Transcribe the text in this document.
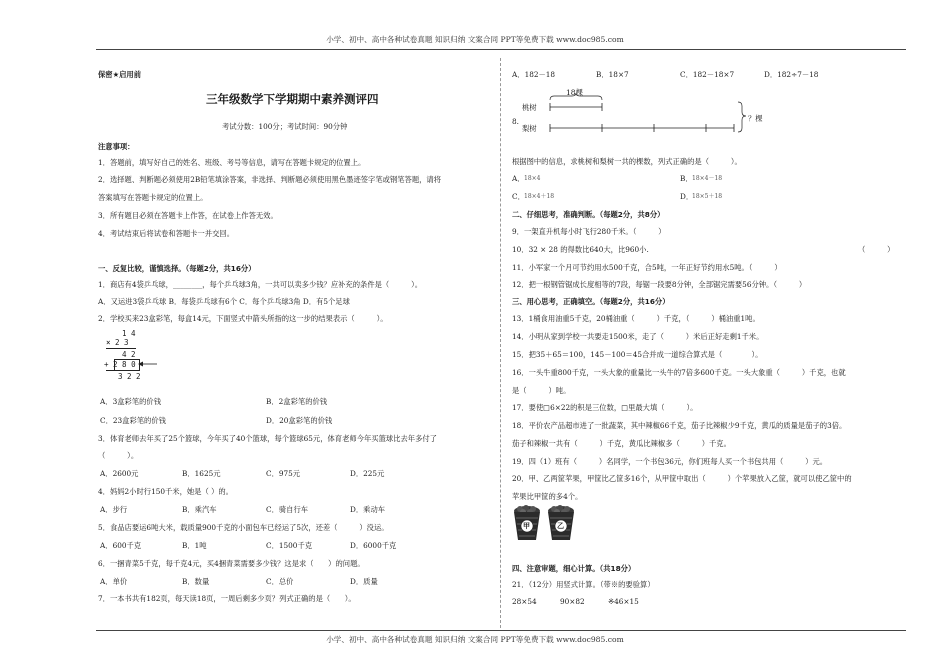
小学、初中、高中各种试卷真题 知识归纳 文案合同 PPT等免费下载 www.doc985.com
保密★启用前
三年级数学下学期期中素养测评四
考试分数：100分；考试时间：90分钟
注意事项：
1．答题前，填写好自己的姓名、班级、考号等信息，请写在答题卡规定的位置上。
2．选择题、判断题必须使用2B铅笔填涂答案，非选择、判断题必须使用黑色墨迹签字笔或钢笔答题，请将
答案填写在答题卡规定的位置上。
3．所有题目必须在答题卡上作答，在试卷上作答无效。
4．考试结束后将试卷和答题卡一并交回。
一、反复比较，谨慎选择。（每题2分，共16分）
1．商店有4袋乒乓球，________，每个乒乓球3角，一共可以卖多少钱？应补充的条件是（　　　）。
A．又运进3袋乒乓球 B．每袋乒乓球有6个 C．每个乒乓球3角 D．有5个足球
2．学校买来23盒彩笔，每盒14元，下面竖式中箭头所指的这一步的结果表示（　　　）。
1 4
× 2 3
4 2
+ 2 8 0
3 2 2
A．3盒彩笔的价钱	B．2盒彩笔的价钱
C．23盒彩笔的价钱	D．20盒彩笔的价钱
3．体育老师去年买了25个篮球，今年买了40个篮球，每个篮球65元，体育老师今年买篮球比去年多付了
（　　　）。
A．2600元	B．1625元	C．975元	D．225元
4．妈妈2小时行150千米，她是（ ）的。
A．步行	B．乘汽车	C．骑自行车	D．乘动车
5．食品店要运6吨大米，载质量900千克的小面包车已经运了5次，还差（　　　）没运。
A．600千克	B．1吨	C．1500千克	D．6000千克
6．一捆青菜5千克，每千克4元，买4捆青菜需要多少钱？这是求（　　）的问题。
A．单价	B．数量	C．总价	D．质量
7．一本书共有182页，每天读18页，一周后剩多少页？列式正确的是（　　）。
A．182－18	B．18×7	C．182－18×7	D．182÷7－18
8.
18棵
桃树
梨树
？棵
根据图中的信息，求桃树和梨树一共的棵数，列式正确的是（　　　）。
A． 18×4	B． 18×4－18
C． 18×4＋18	D．
18×5＋18
二、仔细思考，准确判断。（每题2分，共8分）
9．一架直升机每小时飞行280千米。（　　　）
10．32 × 28 的得数比640大，比960小.	（　　　）
11．小军家一个月可节约用水500千克，合5吨，一年正好节约用水5吨。（　　　）
12．把一根钢管锯成长度相等的7段，每锯一段要8分钟，全部锯完需要56分钟。（　　　）
三、用心思考，正确填空。（每题2分，共16分）
13．1桶食用油重5千克，20桶油重（　　　）千克，（　　　）桶油重1吨。
14．小明从家到学校一共要走1500米，走了（　　　）米后正好走剩1千米。
15．把35＋65＝100，145－100＝45合并成一道综合算式是（　　　　）。
16．一头牛重800千克，一头大象的重量比一头牛的7倍多600千克。一头大象重（　　　）千克，也就
是（　　　）吨。
17．要使□6×22的积是三位数，□里最大填（　　　）。
18．平价农产品超市进了一批蔬菜，其中辣椒66千克，茄子比辣椒少9千克，黄瓜的质量是茄子的3倍。
茄子和辣椒一共有（　　　）千克，黄瓜比辣椒多（　　　）千克。
19．四（1）班有（　　　）名同学，一个书包36元，你们班每人买一个书包共用（　　　）元。
20．甲、乙两筐苹果，甲筐比乙筐多16个，从甲筐中取出（　　　）个苹果放入乙筐，就可以使乙筐中的
苹果比甲筐的多4个。
甲	乙
四、注意审题，细心计算。（共18分）
21．（12分）用竖式计算。（带※的要验算）
28×54	90×82	※46×15
小学、初中、高中各种试卷真题 知识归纳 文案合同 PPT等免费下载 www.doc985.com
